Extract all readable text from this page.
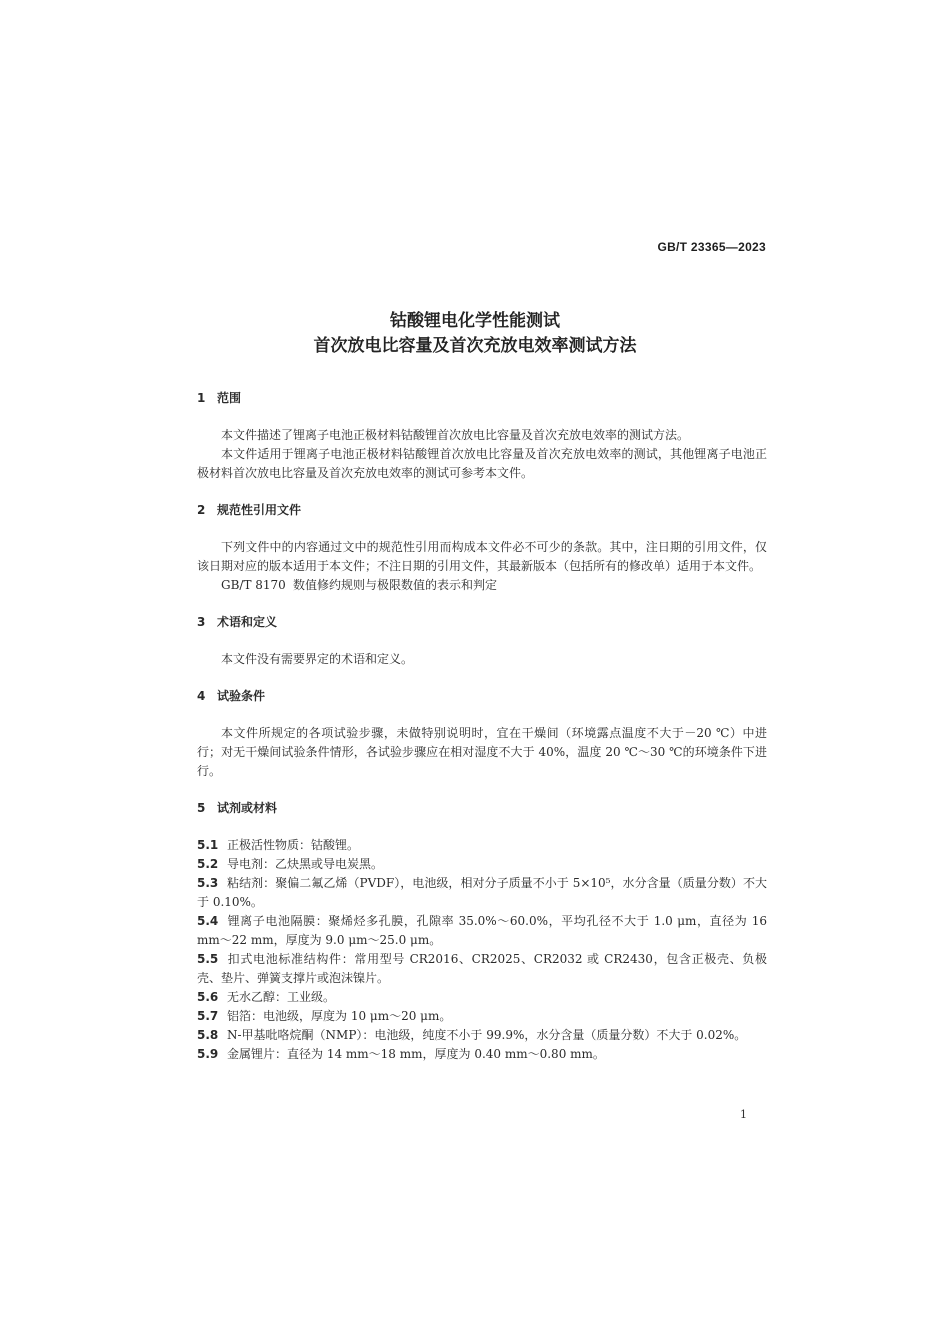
GB/T 23365—2023
钴酸锂电化学性能测试
首次放电比容量及首次充放电效率测试方法
1 范围

本文件描述了锂离子电池正极材料钴酸锂首次放电比容量及首次充放电效率的测试方法。

本文件适用于锂离子电池正极材料钴酸锂首次放电比容量及首次充放电效率的测试，其他锂离子电池正极材料首次放电比容量及首次充放电效率的测试可参考本文件。

2 规范性引用文件

下列文件中的内容通过文中的规范性引用而构成本文件必不可少的条款。其中，注日期的引用文件，仅该日期对应的版本适用于本文件；不注日期的引用文件，其最新版本（包括所有的修改单）适用于本文件。

GB/T 8170 数值修约规则与极限数值的表示和判定

3 术语和定义

本文件没有需要界定的术语和定义。

4 试验条件

本文件所规定的各项试验步骤，未做特别说明时，宜在干燥间（环境露点温度不大于－20 ℃）中进行；对无干燥间试验条件情形，各试验步骤应在相对湿度不大于 40%，温度 20 ℃～30 ℃的环境条件下进行。

5 试剂或材料

5.1 正极活性物质：钴酸锂。

5.2 导电剂：乙炔黑或导电炭黑。

5.3 粘结剂：聚偏二氟乙烯（PVDF），电池级，相对分子质量不小于 5×10⁵，水分含量（质量分数）不大于 0.10%。

5.4 锂离子电池隔膜：聚烯烃多孔膜，孔隙率 35.0%～60.0%，平均孔径不大于 1.0 μm，直径为 16 mm～22 mm，厚度为 9.0 μm～25.0 μm。

5.5 扣式电池标准结构件：常用型号 CR2016、CR2025、CR2032 或 CR2430，包含正极壳、负极壳、垫片、弹簧支撑片或泡沫镍片。

5.6 无水乙醇：工业级。

5.7 铝箔：电池级，厚度为 10 μm～20 μm。

5.8 N-甲基吡咯烷酮（NMP）：电池级，纯度不小于 99.9%，水分含量（质量分数）不大于 0.02%。

5.9 金属锂片：直径为 14 mm～18 mm，厚度为 0.40 mm～0.80 mm。

1
